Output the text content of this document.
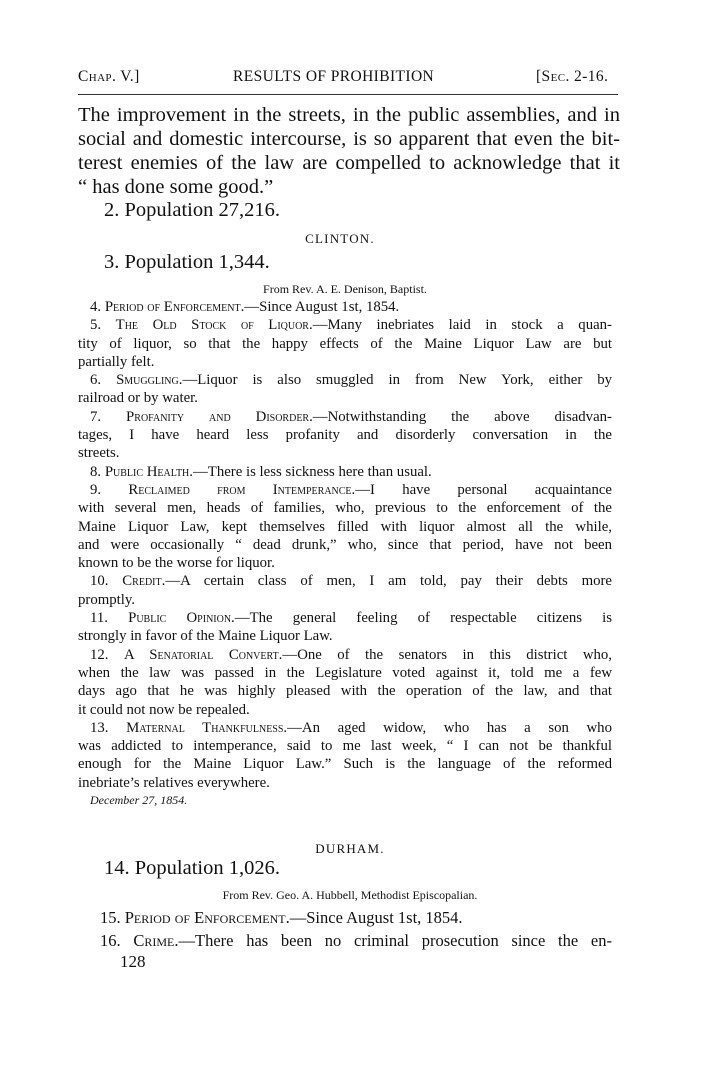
Chap. V.]	RESULTS OF PROHIBITION	[Sec. 2-16.
The improvement in the streets, in the public assemblies, and in
social and domestic intercourse, is so apparent that even the bit-
terest enemies of the law are compelled to acknowledge that it
“ has done some good.”
2. Population 27,216.
CLINTON.
3. Population 1,344.
From Rev. A. E. Denison, Baptist.
4. Period of Enforcement.—Since August 1st, 1854.
5. The Old Stock of Liquor.—Many inebriates laid in stock a quan-
tity of liquor, so that the happy effects of the Maine Liquor Law are but
partially felt.
6. Smuggling.—Liquor is also smuggled in from New York, either by
railroad or by water.
7. Profanity and Disorder.—Notwithstanding the above disadvan-
tages, I have heard less profanity and disorderly conversation in the
streets.
8. Public Health.—There is less sickness here than usual.
9. Reclaimed from Intemperance.—I have personal acquaintance
with several men, heads of families, who, previous to the enforcement of the
Maine Liquor Law, kept themselves filled with liquor almost all the while,
and were occasionally “ dead drunk,” who, since that period, have not been
known to be the worse for liquor.
10. Credit.—A certain class of men, I am told, pay their debts more
promptly.
11. Public Opinion.—The general feeling of respectable citizens is
strongly in favor of the Maine Liquor Law.
12. A Senatorial Convert.—One of the senators in this district who,
when the law was passed in the Legislature voted against it, told me a few
days ago that he was highly pleased with the operation of the law, and that
it could not now be repealed.
13. Maternal Thankfulness.—An aged widow, who has a son who
was addicted to intemperance, said to me last week, “ I can not be thankful
enough for the Maine Liquor Law.” Such is the language of the reformed
inebriate’s relatives everywhere.
December 27, 1854.
DURHAM.
14. Population 1,026.
From Rev. Geo. A. Hubbell, Methodist Episcopalian.
15. Period of Enforcement.—Since August 1st, 1854.
16. Crime.—There has been no criminal prosecution since the en-
128
